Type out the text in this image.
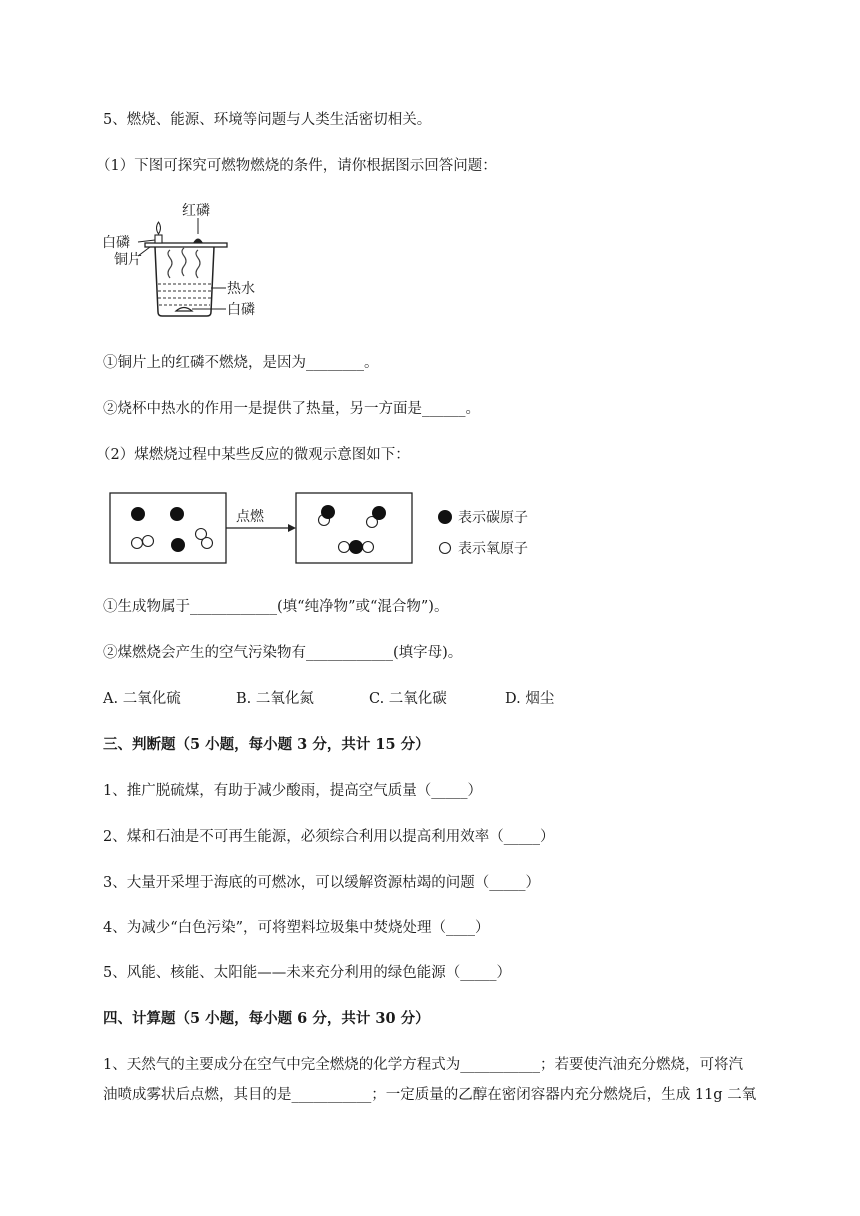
5、燃烧、能源、环境等问题与人类生活密切相关。
（1）下图可探究可燃物燃烧的条件，请你根据图示回答问题：
红磷
白磷
铜片
热水
白磷
①铜片上的红磷不燃烧，是因为________。
②烧杯中热水的作用一是提供了热量，另一方面是______。
（2）煤燃烧过程中某些反应的微观示意图如下：
点燃	表示碳原子
表示氧原子
①生成物属于____________(填“纯净物”或“混合物”)。
②煤燃烧会产生的空气污染物有____________(填字母)。
A. 二氧化硫	B. 二氧化氮	C. 二氧化碳	D. 烟尘
三、判断题（5 小题，每小题 3 分，共计 15 分）
1、推广脱硫煤，有助于减少酸雨，提高空气质量（_____）
2、煤和石油是不可再生能源，必须综合利用以提高利用效率（_____）
3、大量开采埋于海底的可燃冰，可以缓解资源枯竭的问题（_____）
4、为减少“白色污染”，可将塑料垃圾集中焚烧处理（____）
5、风能、核能、太阳能——未来充分利用的绿色能源（_____）
四、计算题（5 小题，每小题 6 分，共计 30 分）
1、天然气的主要成分在空气中完全燃烧的化学方程式为___________；若要使汽油充分燃烧，可将汽
油喷成雾状后点燃，其目的是___________；一定质量的乙醇在密闭容器内充分燃烧后，生成 11g 二氧
